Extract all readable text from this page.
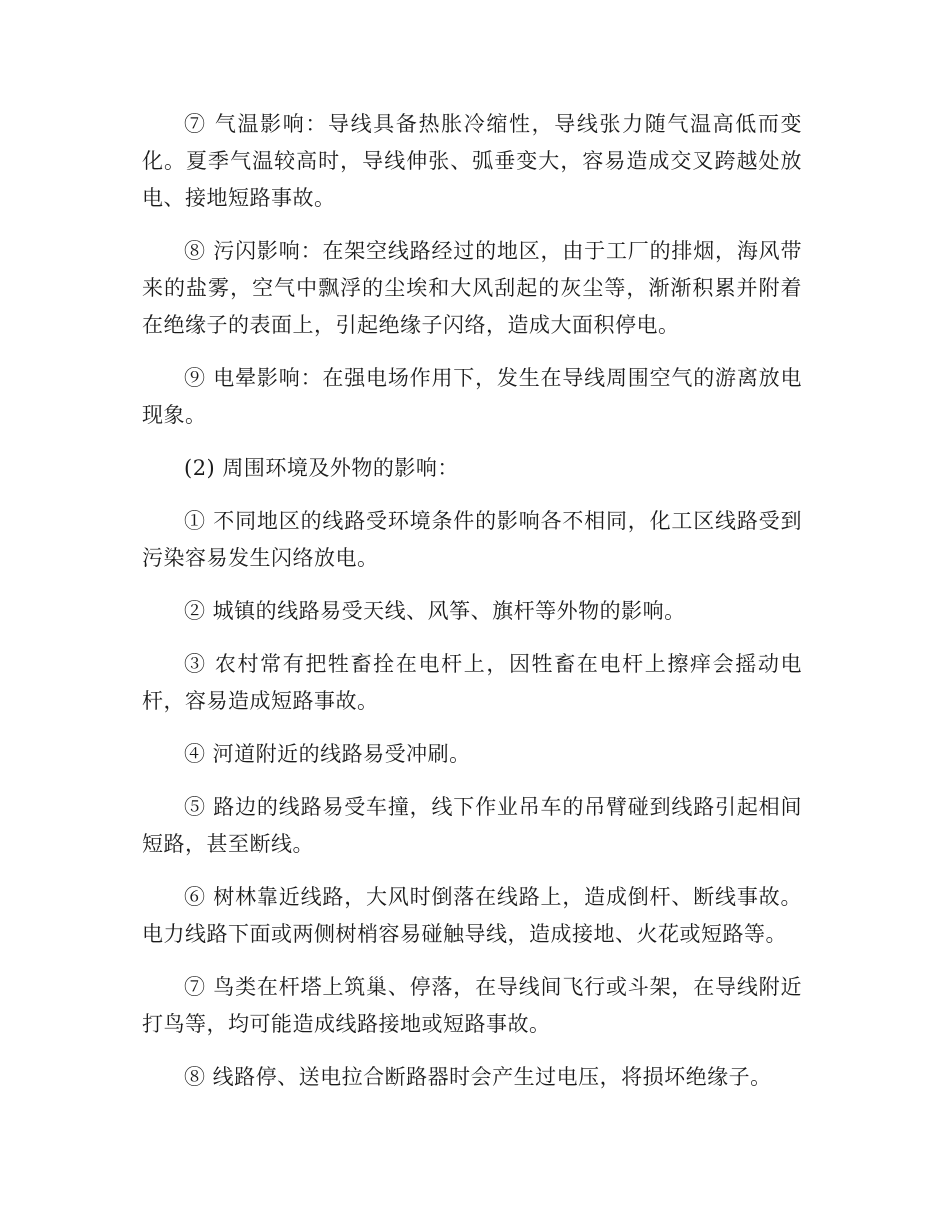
⑦ 气温影响：导线具备热胀冷缩性，导线张力随气温高低而变化。夏季气温较高时，导线伸张、弧垂变大，容易造成交叉跨越处放电、接地短路事故。

⑧ 污闪影响：在架空线路经过的地区，由于工厂的排烟，海风带来的盐雾，空气中飘浮的尘埃和大风刮起的灰尘等，渐渐积累并附着在绝缘子的表面上，引起绝缘子闪络，造成大面积停电。

⑨ 电晕影响：在强电场作用下，发生在导线周围空气的游离放电现象。

(2) 周围环境及外物的影响：

① 不同地区的线路受环境条件的影响各不相同，化工区线路受到污染容易发生闪络放电。

② 城镇的线路易受天线、风筝、旗杆等外物的影响。

③ 农村常有把牲畜拴在电杆上，因牲畜在电杆上擦痒会摇动电杆，容易造成短路事故。

④ 河道附近的线路易受冲刷。

⑤ 路边的线路易受车撞，线下作业吊车的吊臂碰到线路引起相间短路，甚至断线。

⑥ 树林靠近线路，大风时倒落在线路上，造成倒杆、断线事故。电力线路下面或两侧树梢容易碰触导线，造成接地、火花或短路等。

⑦ 鸟类在杆塔上筑巢、停落，在导线间飞行或斗架，在导线附近打鸟等，均可能造成线路接地或短路事故。

⑧ 线路停、送电拉合断路器时会产生过电压，将损坏绝缘子。
